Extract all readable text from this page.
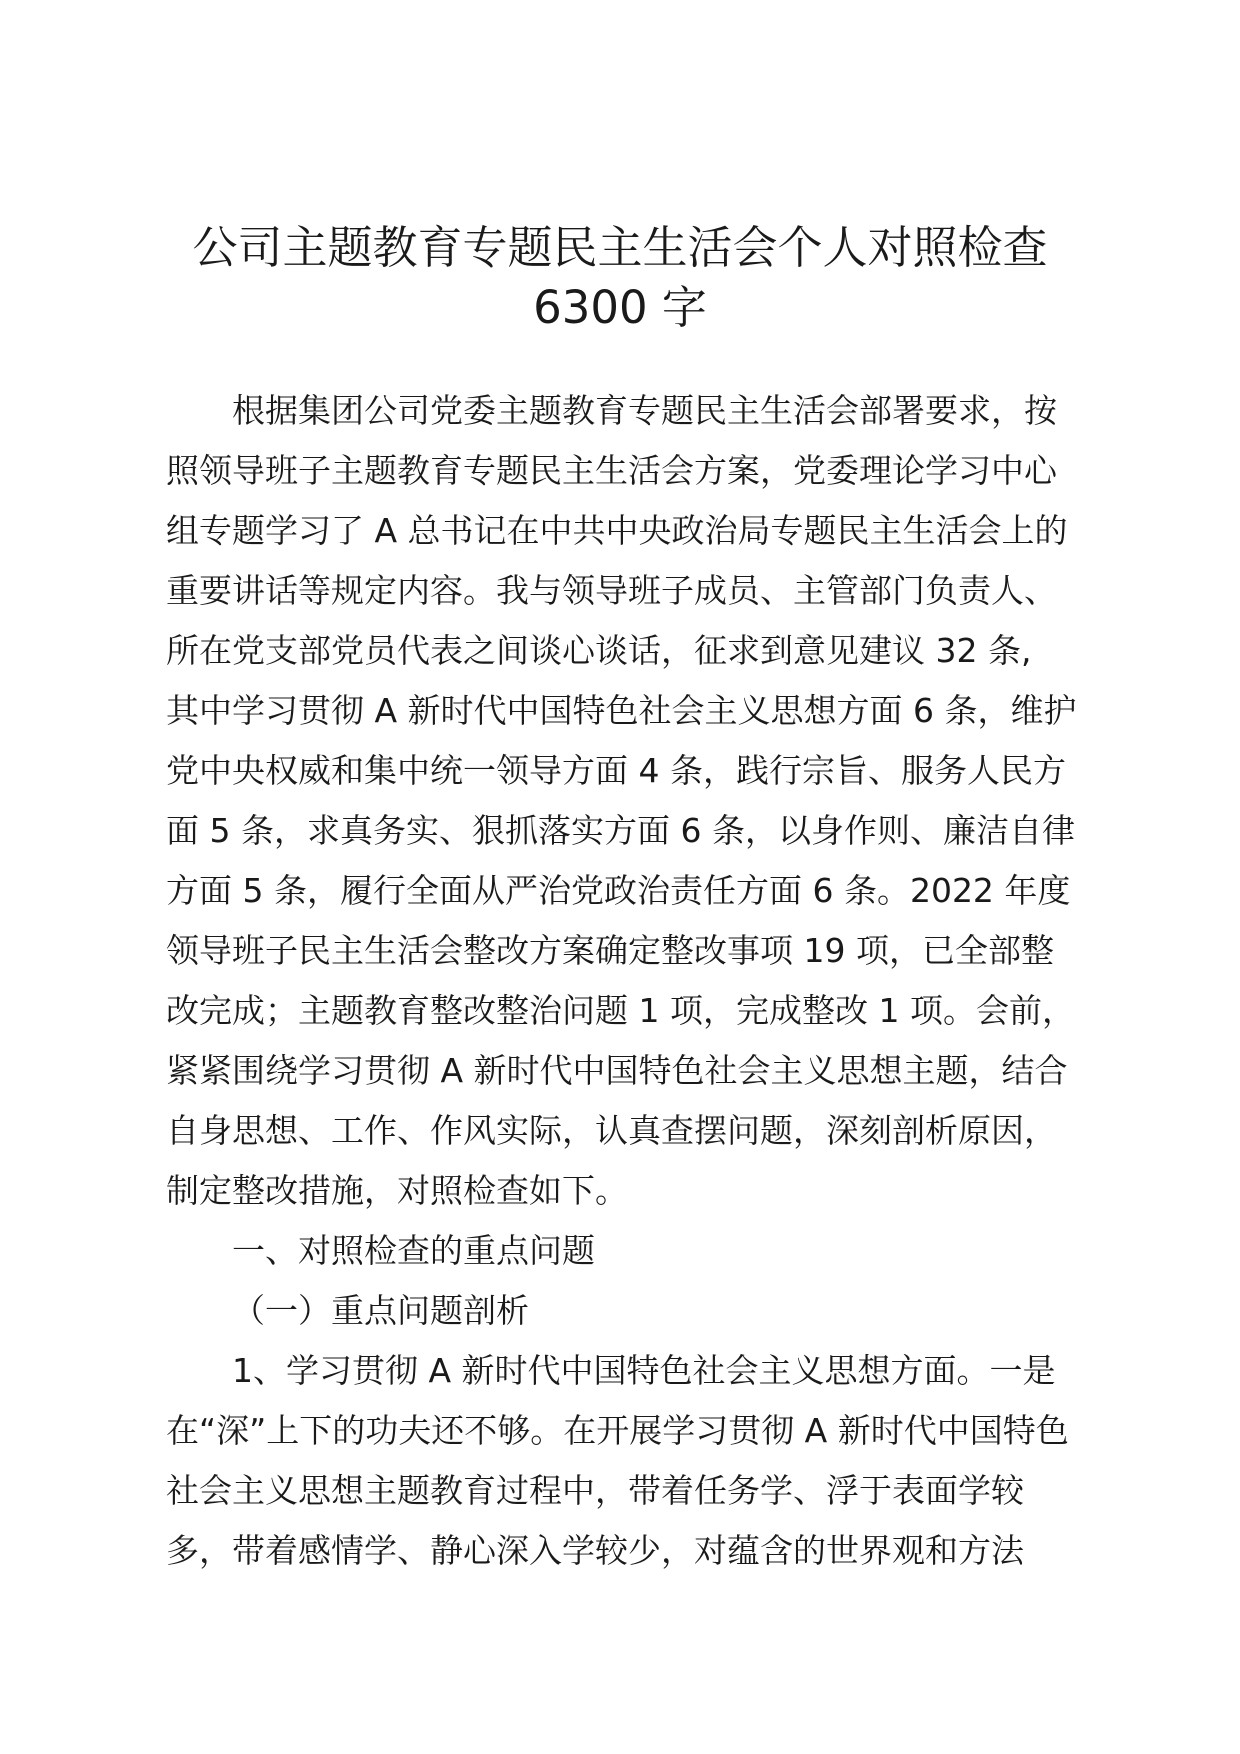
公司主题教育专题民主生活会个人对照检查
6300 字
根据集团公司党委主题教育专题民主生活会部署要求，按
照领导班子主题教育专题民主生活会方案，党委理论学习中心
组专题学习了 A 总书记在中共中央政治局专题民主生活会上的
重要讲话等规定内容。我与领导班子成员、主管部门负责人、
所在党支部党员代表之间谈心谈话，征求到意见建议 32 条,
其中学习贯彻 A 新时代中国特色社会主义思想方面 6 条，维护
党中央权威和集中统一领导方面 4 条，践行宗旨、服务人民方
面 5 条，求真务实、狠抓落实方面 6 条，以身作则、廉洁自律
方面 5 条，履行全面从严治党政治责任方面 6 条。2022 年度
领导班子民主生活会整改方案确定整改事项 19 项，已全部整
改完成；主题教育整改整治问题 1 项，完成整改 1 项。会前，
紧紧围绕学习贯彻 A 新时代中国特色社会主义思想主题，结合
自身思想、工作、作风实际，认真查摆问题，深刻剖析原因，
制定整改措施，对照检查如下。
一、对照检查的重点问题
（一）重点问题剖析
1、学习贯彻 A 新时代中国特色社会主义思想方面。一是
在“深”上下的功夫还不够。在开展学习贯彻 A 新时代中国特色
社会主义思想主题教育过程中，带着任务学、浮于表面学较
多，带着感情学、静心深入学较少，对蕴含的世界观和方法
